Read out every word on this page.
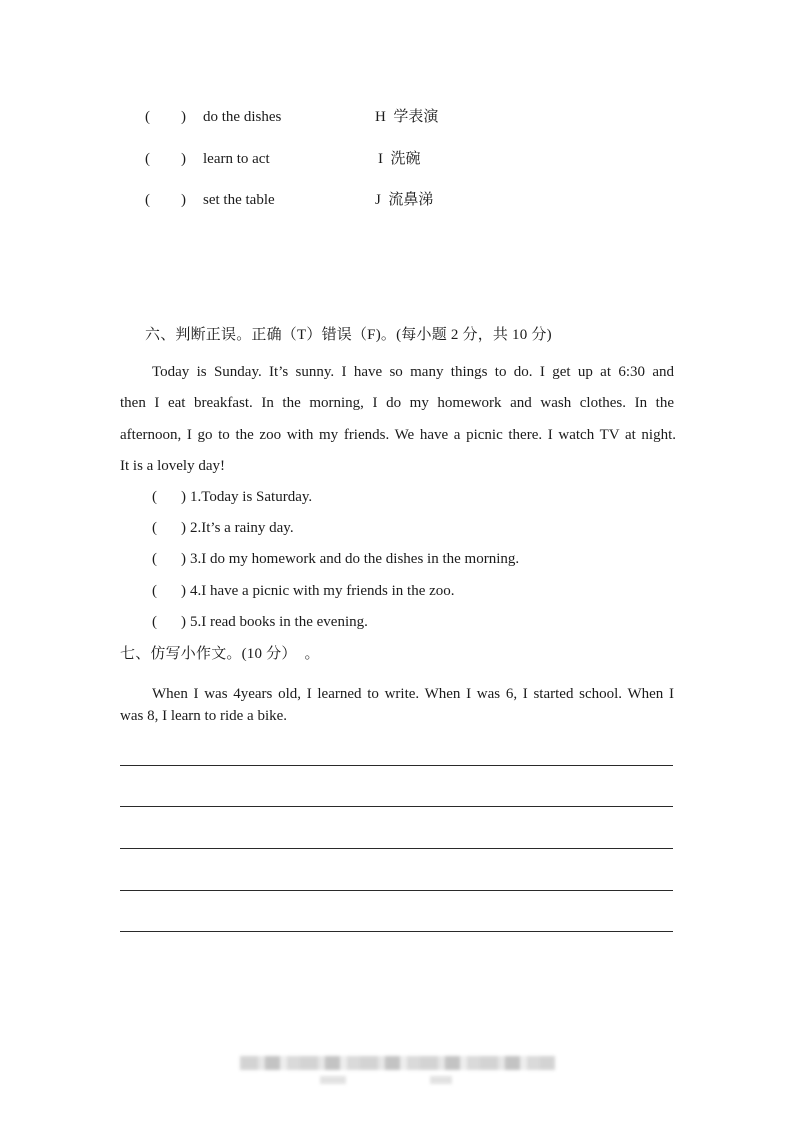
( ) do the dishes	H  学表演
( ) learn to act	I  洗碗
( ) set the table	J  流鼻涕
六、判断正误。正确（T）错误（F)。(每小题 2 分，共 10 分)
Today is Sunday. It’s sunny. I have so many things to do. I get up at 6:30 and
then I eat breakfast. In the morning, I do my homework and wash clothes. In the
afternoon, I go to the zoo with my friends. We have a picnic there. I watch TV at night.
It is a lovely day!
( ) 1.Today is Saturday.
( ) 2.It’s a rainy day.
( ) 3.I do my homework and do the dishes in the morning.
( ) 4.I have a picnic with my friends in the zoo.
( ) 5.I read books in the evening.
七、仿写小作文。(10 分）  。
When I was 4years old, I learned to write. When I was 6, I started school. When I
was 8, I learn to ride a bike.
